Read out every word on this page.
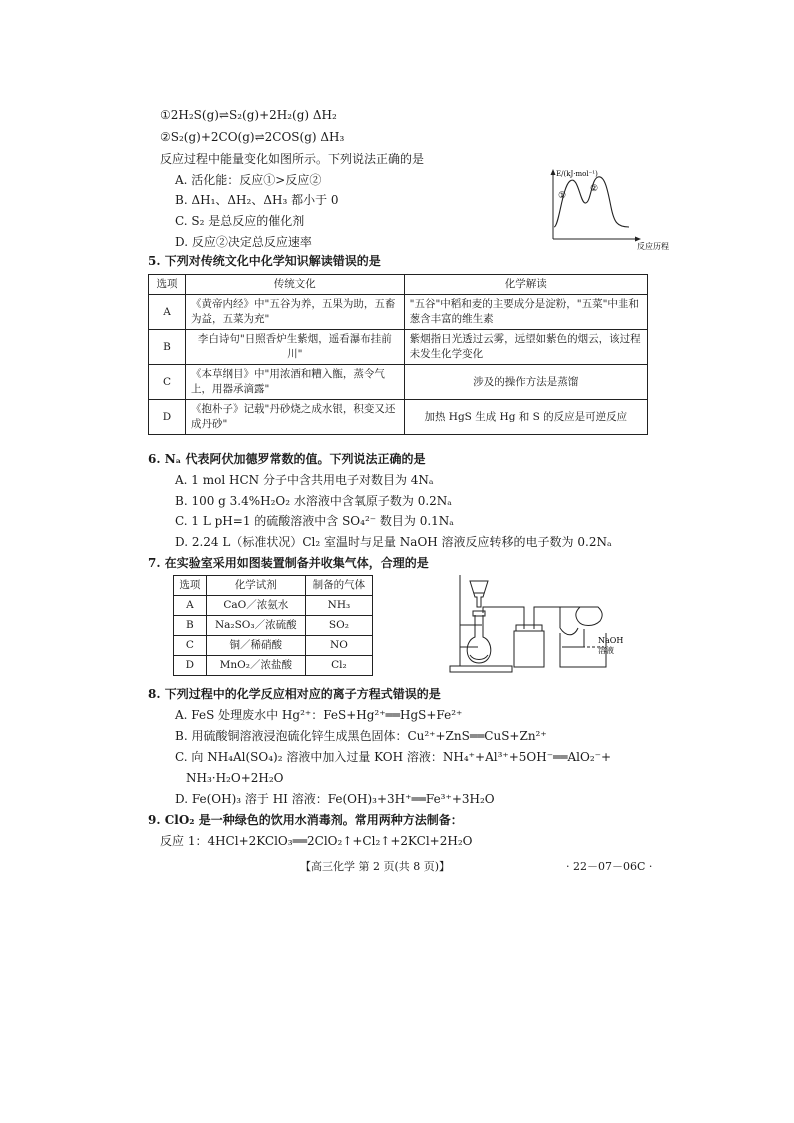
①2H₂S(g)⇌S₂(g)+2H₂(g) ΔH₂
②S₂(g)+2CO(g)⇌2COS(g) ΔH₃
反应过程中能量变化如图所示。下列说法正确的是
A. 活化能：反应①>反应②
B. ΔH₁、ΔH₂、ΔH₃ 都小于 0
C. S₂ 是总反应的催化剂
D. 反应②决定总反应速率
E/(kJ·mol⁻¹)
①
②
反应历程
5. 下列对传统文化中化学知识解读错误的是
选项	传统文化	化学解读
A	《黄帝内经》中"五谷为养，五果为助，五畜为益，五菜为充"	"五谷"中稻和麦的主要成分是淀粉，"五菜"中韭和葱含丰富的维生素
B	李白诗句"日照香炉生紫烟，遥看瀑布挂前川"	紫烟指日光透过云雾，远望如紫色的烟云，该过程未发生化学变化
C	《本草纲目》中"用浓酒和糟入甑，蒸令气上，用器承滴露"	涉及的操作方法是蒸馏
D	《抱朴子》记载"丹砂烧之成水银，积变又还成丹砂"	加热 HgS 生成 Hg 和 S 的反应是可逆反应
6. Nₐ 代表阿伏加德罗常数的值。下列说法正确的是
A. 1 mol HCN 分子中含共用电子对数目为 4Nₐ
B. 100 g 3.4%H₂O₂ 水溶液中含氧原子数为 0.2Nₐ
C. 1 L pH=1 的硫酸溶液中含 SO₄²⁻ 数目为 0.1Nₐ
D. 2.24 L（标准状况）Cl₂ 室温时与足量 NaOH 溶液反应转移的电子数为 0.2Nₐ
7. 在实验室采用如图装置制备并收集气体，合理的是
选项	化学试剂	制备的气体
A	CaO／浓氨水	NH₃
B	Na₂SO₃／浓硫酸	SO₂
C	铜／稀硝酸	NO
D	MnO₂／浓盐酸	Cl₂
NaOH
溶液
8. 下列过程中的化学反应相对应的离子方程式错误的是
A. FeS 处理废水中 Hg²⁺：FeS+Hg²⁺══HgS+Fe²⁺
B. 用硫酸铜溶液浸泡硫化锌生成黑色固体：Cu²⁺+ZnS══CuS+Zn²⁺
C. 向 NH₄Al(SO₄)₂ 溶液中加入过量 KOH 溶液：NH₄⁺+Al³⁺+5OH⁻══AlO₂⁻+
NH₃·H₂O+2H₂O
D. Fe(OH)₃ 溶于 HI 溶液：Fe(OH)₃+3H⁺══Fe³⁺+3H₂O
9. ClO₂ 是一种绿色的饮用水消毒剂。常用两种方法制备：
反应 1：4HCl+2KClO₃══2ClO₂↑+Cl₂↑+2KCl+2H₂O
【高三化学 第 2 页(共 8 页)】	· 22－07－06C ·
